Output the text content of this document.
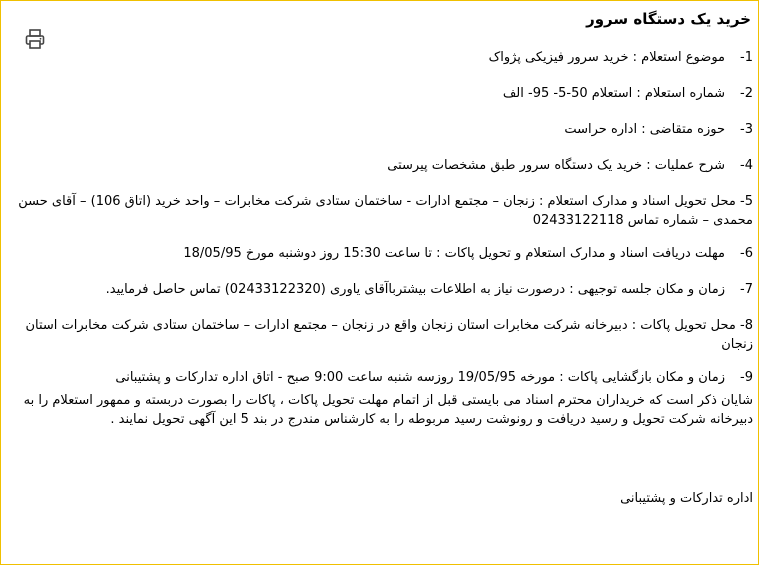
خرید یک دستگاه سرور
1-
موضوع استعلام : خرید سرور فیزیکی پژواک
2-
شماره استعلام : استعلام 50-5- 95- الف
3-
حوزه متقاضی : اداره حراست
4-
شرح عملیات : خرید یک دستگاه سرور طبق مشخصات پیرستی
5- محل تحویل اسناد و مدارک استعلام : زنجان – مجتمع ادارات - ساختمان ستادی شرکت مخابرات – واحد خرید (اتاق 106) – آقای حسن محمدی – شماره تماس 02433122118
6-
مهلت دریافت اسناد و مدارک استعلام و تحویل پاکات : تا ساعت 15:30 روز دوشنبه مورخ 18/05/95
7-
زمان و مکان جلسه توجیهی : درصورت نیاز به اطلاعات بیشترباآقای یاوری (02433122320) تماس حاصل فرمایید.
8- محل تحویل پاکات : دبیرخانه شرکت مخابرات استان زنجان واقع در زنجان – مجتمع ادارات – ساختمان ستادی شرکت مخابرات استان زنجان
9-
زمان و مکان بازگشایی پاکات : مورخه 19/05/95 روزسه شنبه ساعت 9:00 صبح - اتاق اداره تدارکات و پشتیبانی
شایان ذکر است که خریداران محترم اسناد می بایستی قبل از اتمام مهلت تحویل پاکات ، پاکات را بصورت دربسته و ممهور استعلام را به دبیرخانه شرکت تحویل و رسید دریافت و رونوشت رسید مربوطه را به کارشناس مندرج در بند 5 این آگهی تحویل نمایند .
اداره تدارکات و پشتیبانی
